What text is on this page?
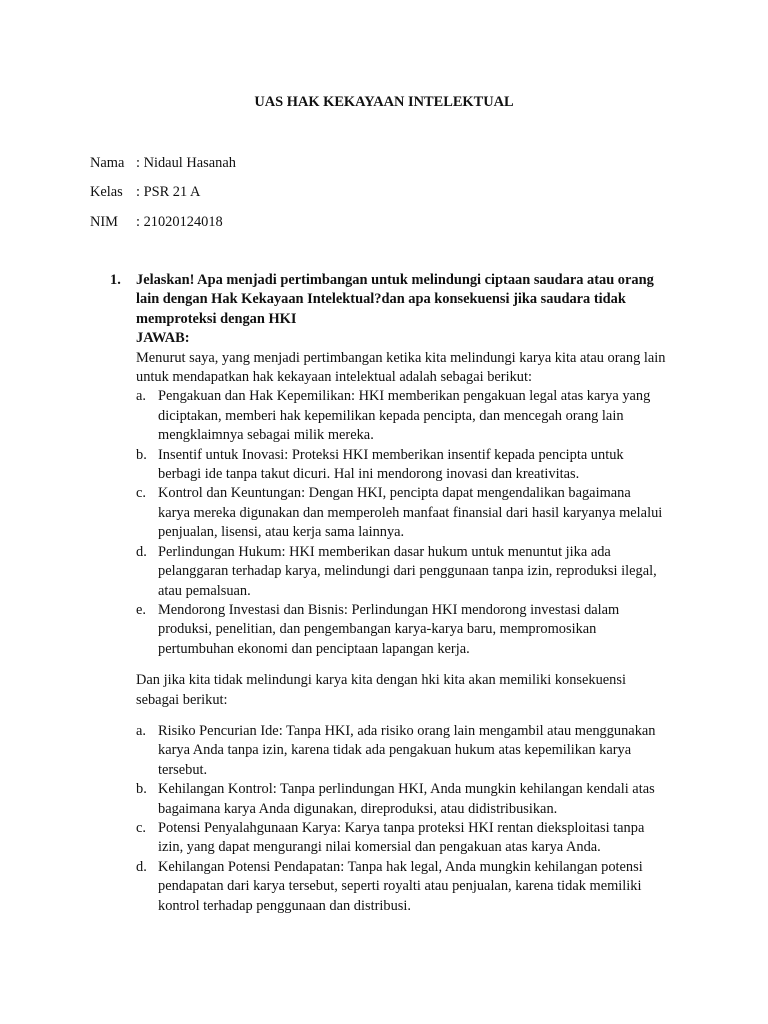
UAS HAK KEKAYAAN INTELEKTUAL
Nama : Nidaul Hasanah
Kelas : PSR 21 A
NIM : 21020124018
1. Jelaskan! Apa menjadi pertimbangan untuk melindungi ciptaan saudara atau orang lain dengan Hak Kekayaan Intelektual?dan apa konsekuensi jika saudara tidak memproteksi dengan HKI

JAWAB:

Menurut saya, yang menjadi pertimbangan ketika kita melindungi karya kita atau orang lain untuk mendapatkan hak kekayaan intelektual adalah sebagai berikut:

a. Pengakuan dan Hak Kepemilikan: HKI memberikan pengakuan legal atas karya yang diciptakan, memberi hak kepemilikan kepada pencipta, dan mencegah orang lain mengklaimnya sebagai milik mereka.
b. Insentif untuk Inovasi: Proteksi HKI memberikan insentif kepada pencipta untuk berbagi ide tanpa takut dicuri. Hal ini mendorong inovasi dan kreativitas.
c. Kontrol dan Keuntungan: Dengan HKI, pencipta dapat mengendalikan bagaimana karya mereka digunakan dan memperoleh manfaat finansial dari hasil karyanya melalui penjualan, lisensi, atau kerja sama lainnya.
d. Perlindungan Hukum: HKI memberikan dasar hukum untuk menuntut jika ada pelanggaran terhadap karya, melindungi dari penggunaan tanpa izin, reproduksi ilegal, atau pemalsuan.
e. Mendorong Investasi dan Bisnis: Perlindungan HKI mendorong investasi dalam produksi, penelitian, dan pengembangan karya-karya baru, mempromosikan pertumbuhan ekonomi dan penciptaan lapangan kerja.

Dan jika kita tidak melindungi karya kita dengan hki kita akan memiliki konsekuensi sebagai berikut:

a. Risiko Pencurian Ide: Tanpa HKI, ada risiko orang lain mengambil atau menggunakan karya Anda tanpa izin, karena tidak ada pengakuan hukum atas kepemilikan karya tersebut.
b. Kehilangan Kontrol: Tanpa perlindungan HKI, Anda mungkin kehilangan kendali atas bagaimana karya Anda digunakan, direproduksi, atau didistribusikan.
c. Potensi Penyalahgunaan Karya: Karya tanpa proteksi HKI rentan dieksploitasi tanpa izin, yang dapat mengurangi nilai komersial dan pengakuan atas karya Anda.
d. Kehilangan Potensi Pendapatan: Tanpa hak legal, Anda mungkin kehilangan potensi pendapatan dari karya tersebut, seperti royalti atau penjualan, karena tidak memiliki kontrol terhadap penggunaan dan distribusi.
